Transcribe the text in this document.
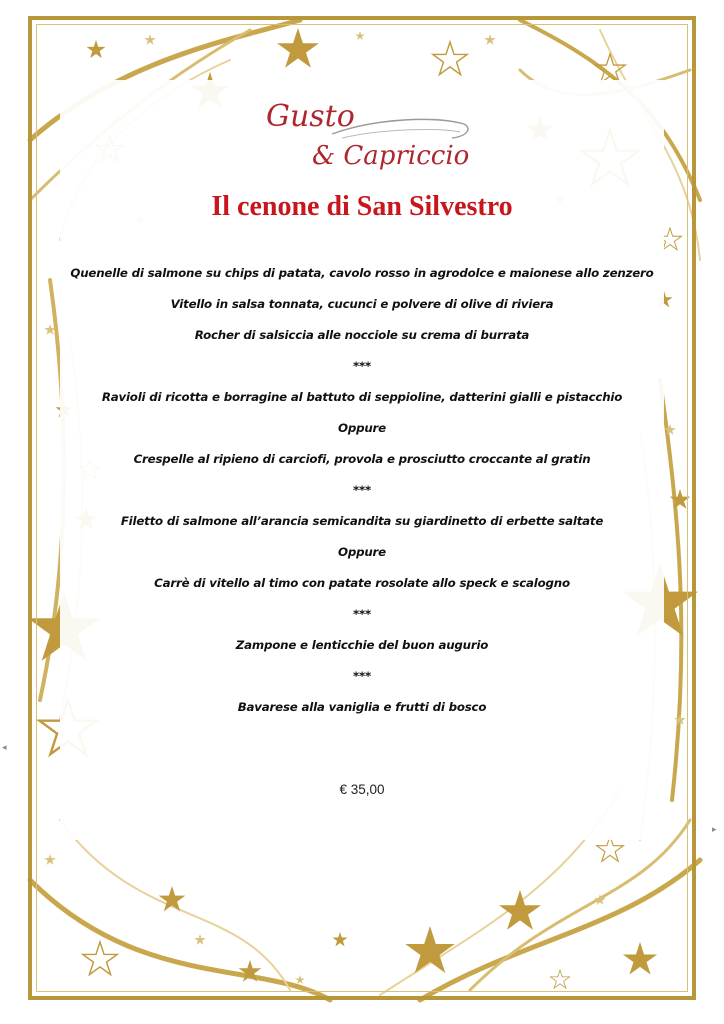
Gusto
& Capriccio
Il cenone di San Silvestro
Quenelle di salmone su chips di patata, cavolo rosso in agrodolce e maionese allo zenzero
Vitello in salsa tonnata, cucunci e polvere di olive di riviera
Rocher di salsiccia alle nocciole su crema di burrata
***
Ravioli di ricotta e borragine al battuto di seppioline, datterini gialli e pistacchio
Oppure
Crespelle al ripieno di carciofi, provola e prosciutto croccante al gratin
***
Filetto di salmone all’arancia semicandita su giardinetto di erbette saltate
Oppure
Carrè di vitello al timo con patate rosolate allo speck e scalogno
***
Zampone e lenticchie del buon augurio
***
Bavarese alla vaniglia e frutti di bosco
€ 35,00
◂
▸
